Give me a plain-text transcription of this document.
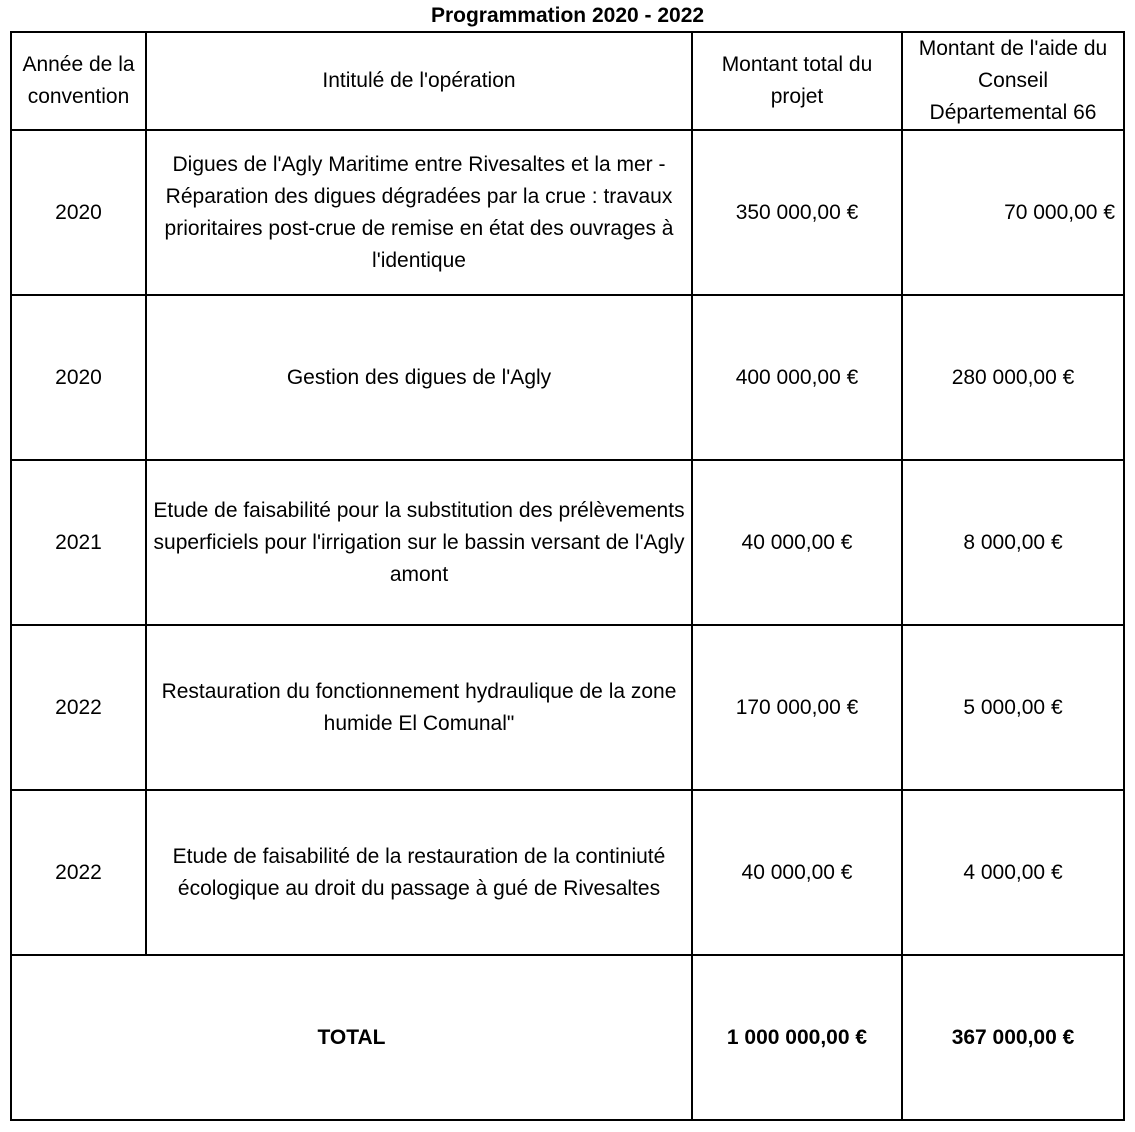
Programmation 2020 - 2022
Année de la convention	Intitulé de l'opération	Montant total du projet	Montant de l'aide du Conseil Départemental 66
2020	Digues de l'Agly Maritime entre Rivesaltes et la mer - Réparation des digues dégradées par la crue : travaux prioritaires post-crue de remise en état des ouvrages à l'identique	350 000,00 €	70 000,00 €
2020	Gestion des digues de l'Agly	400 000,00 €	280 000,00 €
2021	Etude de faisabilité pour la substitution des prélèvements superficiels pour l'irrigation sur le bassin versant de l'Agly amont	40 000,00 €	8 000,00 €
2022	Restauration du fonctionnement hydraulique de la zone humide El Comunal"	170 000,00 €	5 000,00 €
2022	Etude de faisabilité de la restauration de la continiuté écologique au droit du passage à gué de Rivesaltes	40 000,00 €	4 000,00 €
TOTAL		1 000 000,00 €	367 000,00 €
